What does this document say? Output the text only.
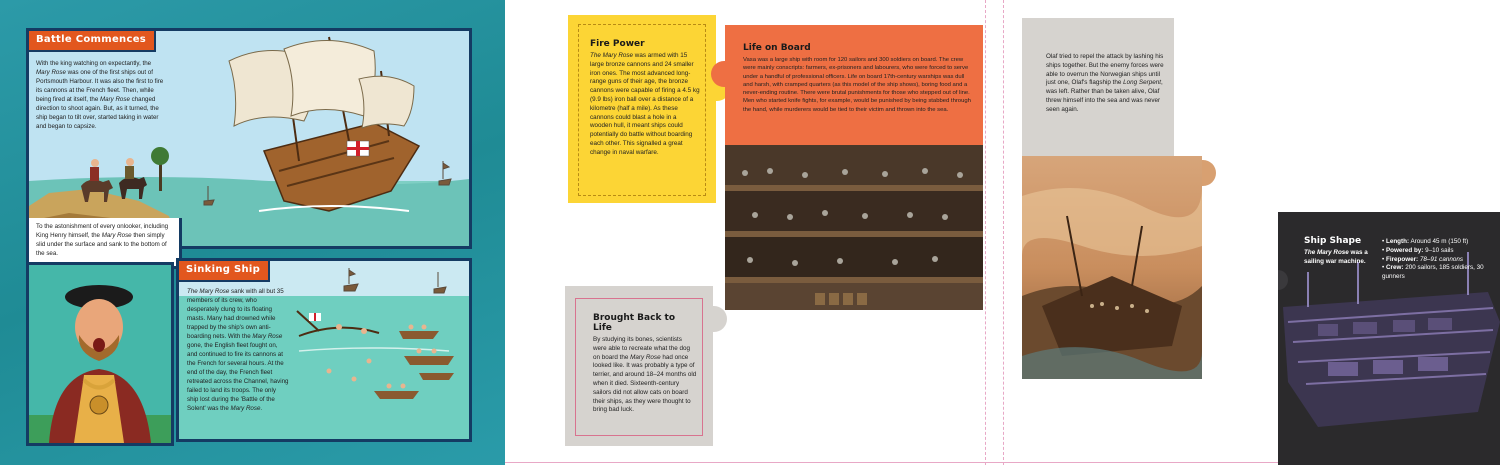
Battle Commences
With the king watching on expectantly, the Mary Rose was one of the first ships out of Portsmouth Harbour. It was also the first to fire its cannons at the French fleet. Then, while being fired at itself, the Mary Rose changed direction to shoot again. But, as it turned, the ship began to tilt over, started taking in water and began to capsize.
To the astonishment of every onlooker, including King Henry himself, the Mary Rose then simply slid under the surface and sank to the bottom of the sea.
Sinking Ship
The Mary Rose sank with all but 35 members of its crew, who desperately clung to its floating masts. Many had drowned while trapped by the ship's own anti-boarding nets. With the Mary Rose gone, the English fleet fought on, and continued to fire its cannons at the French for several hours. At the end of the day, the French fleet retreated across the Channel, having failed to land its troops. The only ship lost during the 'Battle of the Solent' was the Mary Rose.
Fire Power
The Mary Rose was armed with 15 large bronze cannons and 24 smaller iron ones. The most advanced long-range guns of their age, the bronze cannons were capable of firing a 4.5 kg (9.9 lbs) iron ball over a distance of a kilometre (half a mile). As these cannons could blast a hole in a wooden hull, it meant ships could potentially do battle without boarding each other. This signalled a great change in naval warfare.
Life on Board
Vasa was a large ship with room for 120 sailors and 300 soldiers on board. The crew were mainly conscripts: farmers, ex-prisoners and labourers, who were forced to serve under a handful of professional officers. Life on board 17th-century warships was dull and harsh, with cramped quarters (as this model of the ship shows), boring food and a never-ending routine. There were brutal punishments for those who stepped out of line. Men who started knife fights, for example, would be punished by being stabbed through the hand, while murderers would be tied to their victim and thrown into the sea.
Brought Back to Life
By studying its bones, scientists were able to recreate what the dog on board the Mary Rose had once looked like. It was probably a type of terrier, and around 18–24 months old when it died. Sixteenth-century sailors did not allow cats on board their ships, as they were thought to bring bad luck.
Olaf tried to repel the attack by lashing his ships together. But the enemy forces were able to overrun the Norwegian ships until just one, Olaf's flagship the Long Serpent, was left. Rather than be taken alive, Olaf threw himself into the sea and was never seen again.
Ship Shape
The Mary Rose was a sailing war machine.
• Length: Around 45 m (150 ft)
• Powered by: 9–10 sails
• Firepower: 78–91 cannons
• Crew: 200 sailors, 185 soldiers, 30 gunners
